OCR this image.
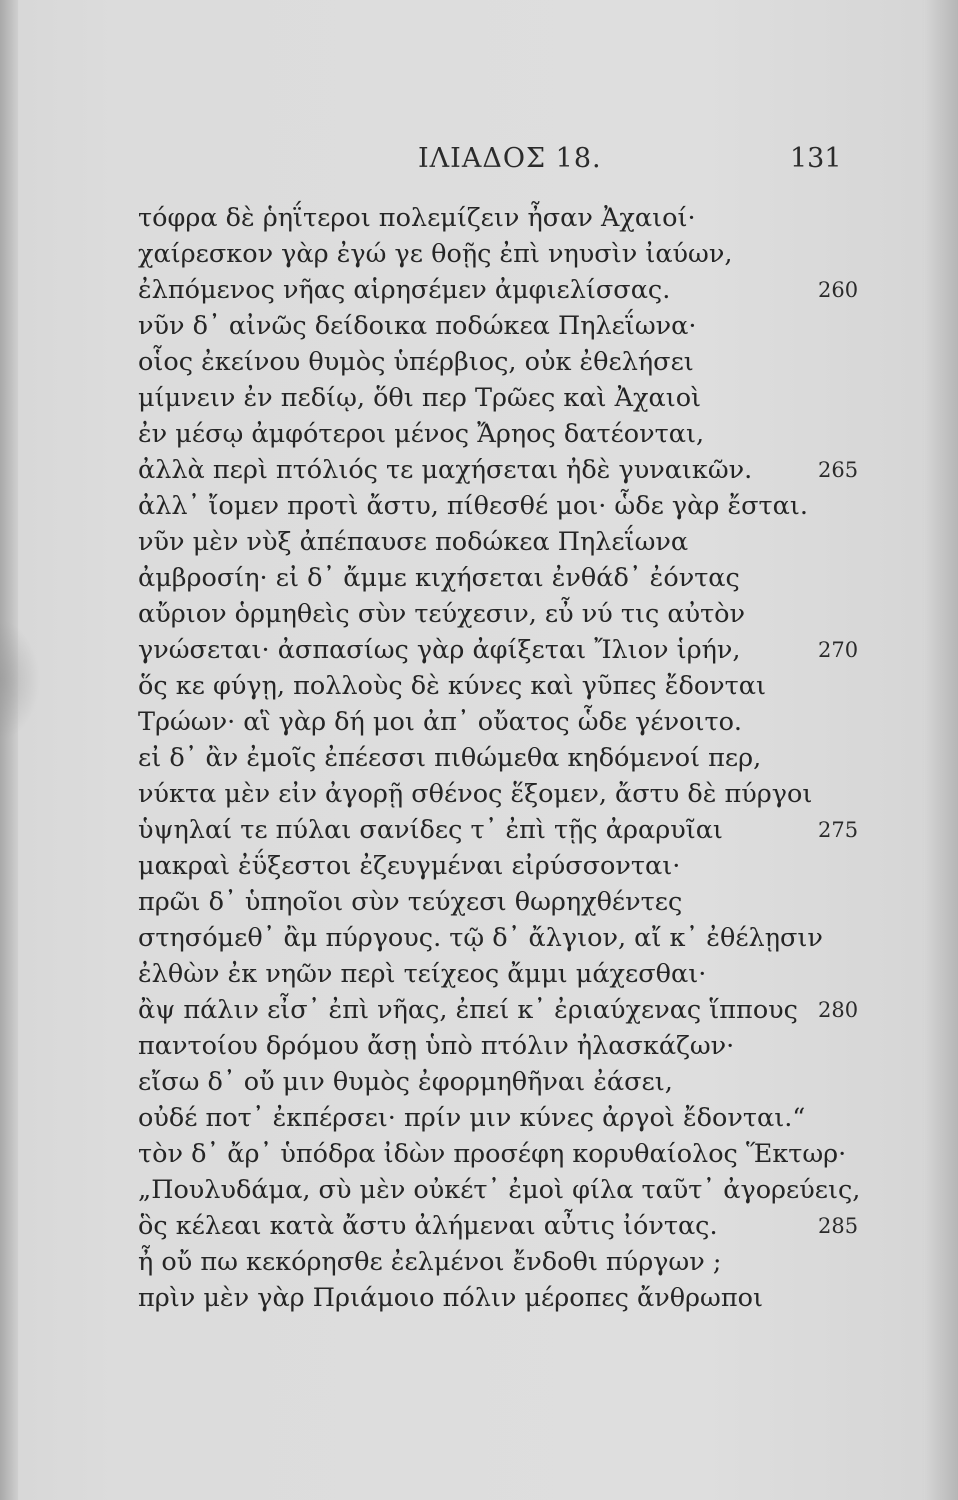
ΙΛΙΑΔΟΣ 18.	131
τόφρα δὲ ῥηΐτεροι πολεμίζειν ἦσαν Ἀχαιοί·
χαίρεσκον γὰρ ἐγώ γε θοῇς ἐπὶ νηυσὶν ἰαύων,
ἐλπόμενος νῆας αἱρησέμεν ἀμφιελίσσας.	260
νῦν δ᾽ αἰνῶς δείδοικα ποδώκεα Πηλεΐωνα·
οἷος ἐκείνου θυμὸς ὑπέρβιος, οὐκ ἐθελήσει
μίμνειν ἐν πεδίῳ, ὅθι περ Τρῶες καὶ Ἀχαιοὶ
ἐν μέσῳ ἀμφότεροι μένος Ἄρηος δατέονται,
ἀλλὰ περὶ πτόλιός τε μαχήσεται ἠδὲ γυναικῶν.	265
ἀλλ᾽ ἴομεν προτὶ ἄστυ, πίθεσθέ μοι· ὧδε γὰρ ἔσται.
νῦν μὲν νὺξ ἀπέπαυσε ποδώκεα Πηλεΐωνα
ἀμβροσίη· εἰ δ᾽ ἄμμε κιχήσεται ἐνθάδ᾽ ἐόντας
αὔριον ὁρμηθεὶς σὺν τεύχεσιν, εὖ νύ τις αὐτὸν
γνώσεται· ἀσπασίως γὰρ ἀφίξεται Ἴλιον ἱρήν,	270
ὅς κε φύγῃ, πολλοὺς δὲ κύνες καὶ γῦπες ἔδονται
Τρώων· αἳ γὰρ δή μοι ἀπ᾽ οὔατος ὧδε γένοιτο.
εἰ δ᾽ ἂν ἐμοῖς ἐπέεσσι πιθώμεθα κηδόμενοί περ,
νύκτα μὲν εἰν ἀγορῇ σθένος ἕξομεν, ἄστυ δὲ πύργοι
ὑψηλαί τε πύλαι σανίδες τ᾽ ἐπὶ τῇς ἀραρυῖαι	275
μακραὶ ἐΰξεστοι ἐζευγμέναι εἰρύσσονται·
πρῶι δ᾽ ὑπηοῖοι σὺν τεύχεσι θωρηχθέντες
στησόμεθ᾽ ἂμ πύργους. τῷ δ᾽ ἄλγιον, αἴ κ᾽ ἐθέλῃσιν
ἐλθὼν ἐκ νηῶν περὶ τείχεος ἄμμι μάχεσθαι·
ἂψ πάλιν εἶσ᾽ ἐπὶ νῆας, ἐπεί κ᾽ ἐριαύχενας ἵππους 280
παντοίου δρόμου ἄσῃ ὑπὸ πτόλιν ἠλασκάζων·
εἴσω δ᾽ οὔ μιν θυμὸς ἐφορμηθῆναι ἐάσει,
οὐδέ ποτ᾽ ἐκπέρσει· πρίν μιν κύνες ἀργοὶ ἔδονται.“
τὸν δ᾽ ἄρ᾽ ὑπόδρα ἰδὼν προσέφη κορυθαίολος Ἕκτωρ·
„Πουλυδάμα, σὺ μὲν οὐκέτ᾽ ἐμοὶ φίλα ταῦτ᾽ ἀγορεύεις,
ὃς κέλεαι κατὰ ἄστυ ἀλήμεναι αὖτις ἰόντας.	285
ἦ οὔ πω κεκόρησθε ἐελμένοι ἔνδοθι πύργων ;
πρὶν μὲν γὰρ Πριάμοιο πόλιν μέροπες ἄνθρωποι
